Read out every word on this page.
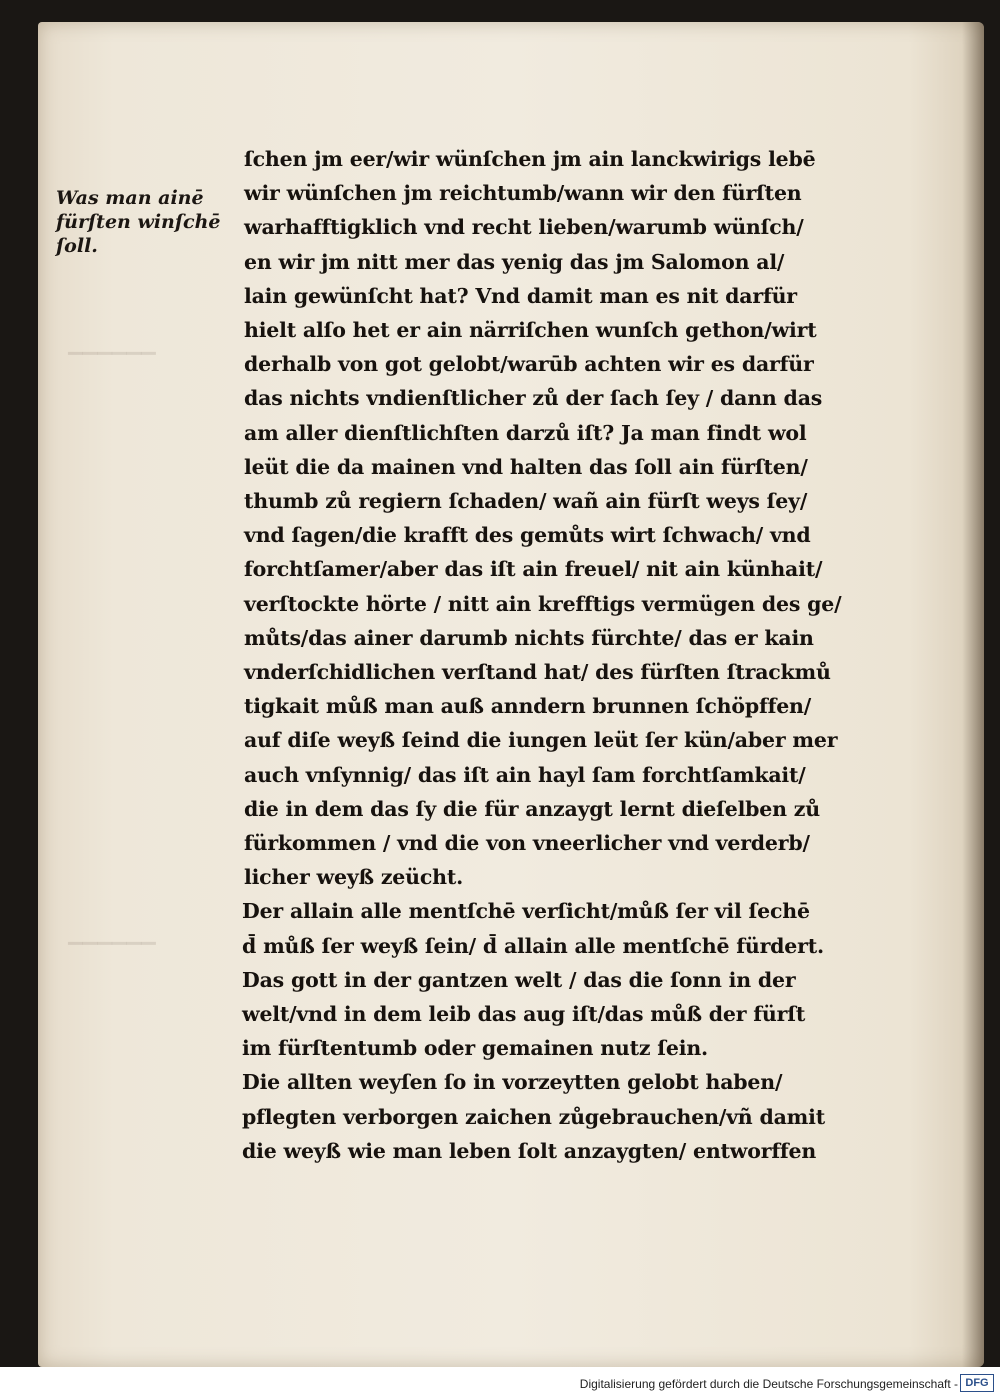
▁▁▁▁▁▁
▁▁▁▁▁▁
Was man ainē
fürſten winſchē
ſoll.
ſchen jm eer/wir wünſchen jm ain lanckwirigs lebē
wir wünſchen jm reichtumb/wann wir den fürſten
warhafftigklich vnd recht lieben/warumb wünſch/
en wir jm nitt mer das yenig das jm Salomon al/
lain gewünſcht hat? Vnd damit man es nit darfür
hielt alſo het er ain närriſchen wunſch gethon/wirt
derhalb von got gelobt/warūb achten wir es darfür
das nichts vndienſtlicher zů der ſach ſey / dann das
am aller dienſtlichſten darzů iſt? Ja man findt wol
leüt die da mainen vnd halten das ſoll ain fürſten/
thumb zů regiern ſchaden/ wañ ain fürſt weys ſey/
vnd ſagen/die krafft des gemůts wirt ſchwach/ vnd
forchtſamer/aber das iſt ain freuel/ nit ain künhait/
verſtockte hörte / nitt ain krefftigs vermügen des ge/
můts/das ainer darumb nichts fürchte/ das er kain
vnderſchidlichen verſtand hat/ des fürſten ſtrackmů
tigkait můß man auß anndern brunnen ſchöpffen/
auf diſe weyß ſeind die iungen leüt ſer kün/aber mer
auch vnſynnig/ das iſt ain hayl ſam forchtſamkait/
die in dem das ſy die für anzaygt lernt dieſelben zů
fürkommen / vnd die von vneerlicher vnd verderb/
licher weyß zeücht.
Der allain alle mentſchē verſicht/můß ſer vil ſechē
d̄ můß ſer weyß ſein/ d̄ allain alle mentſchē fürdert.
Das gott in der gantzen welt / das die ſonn in der
welt/vnd in dem leib das aug iſt/das můß der fürſt
im fürſtentumb oder gemainen nutz ſein.
Die allten weyſen ſo in vorzeytten gelobt haben/
pflegten verborgen zaichen zůgebrauchen/vñ damit
die weyß wie man leben ſolt anzaygten/ entworffen
Digitalisierung gefördert durch die Deutsche Forschungsgemeinschaft - DFG
